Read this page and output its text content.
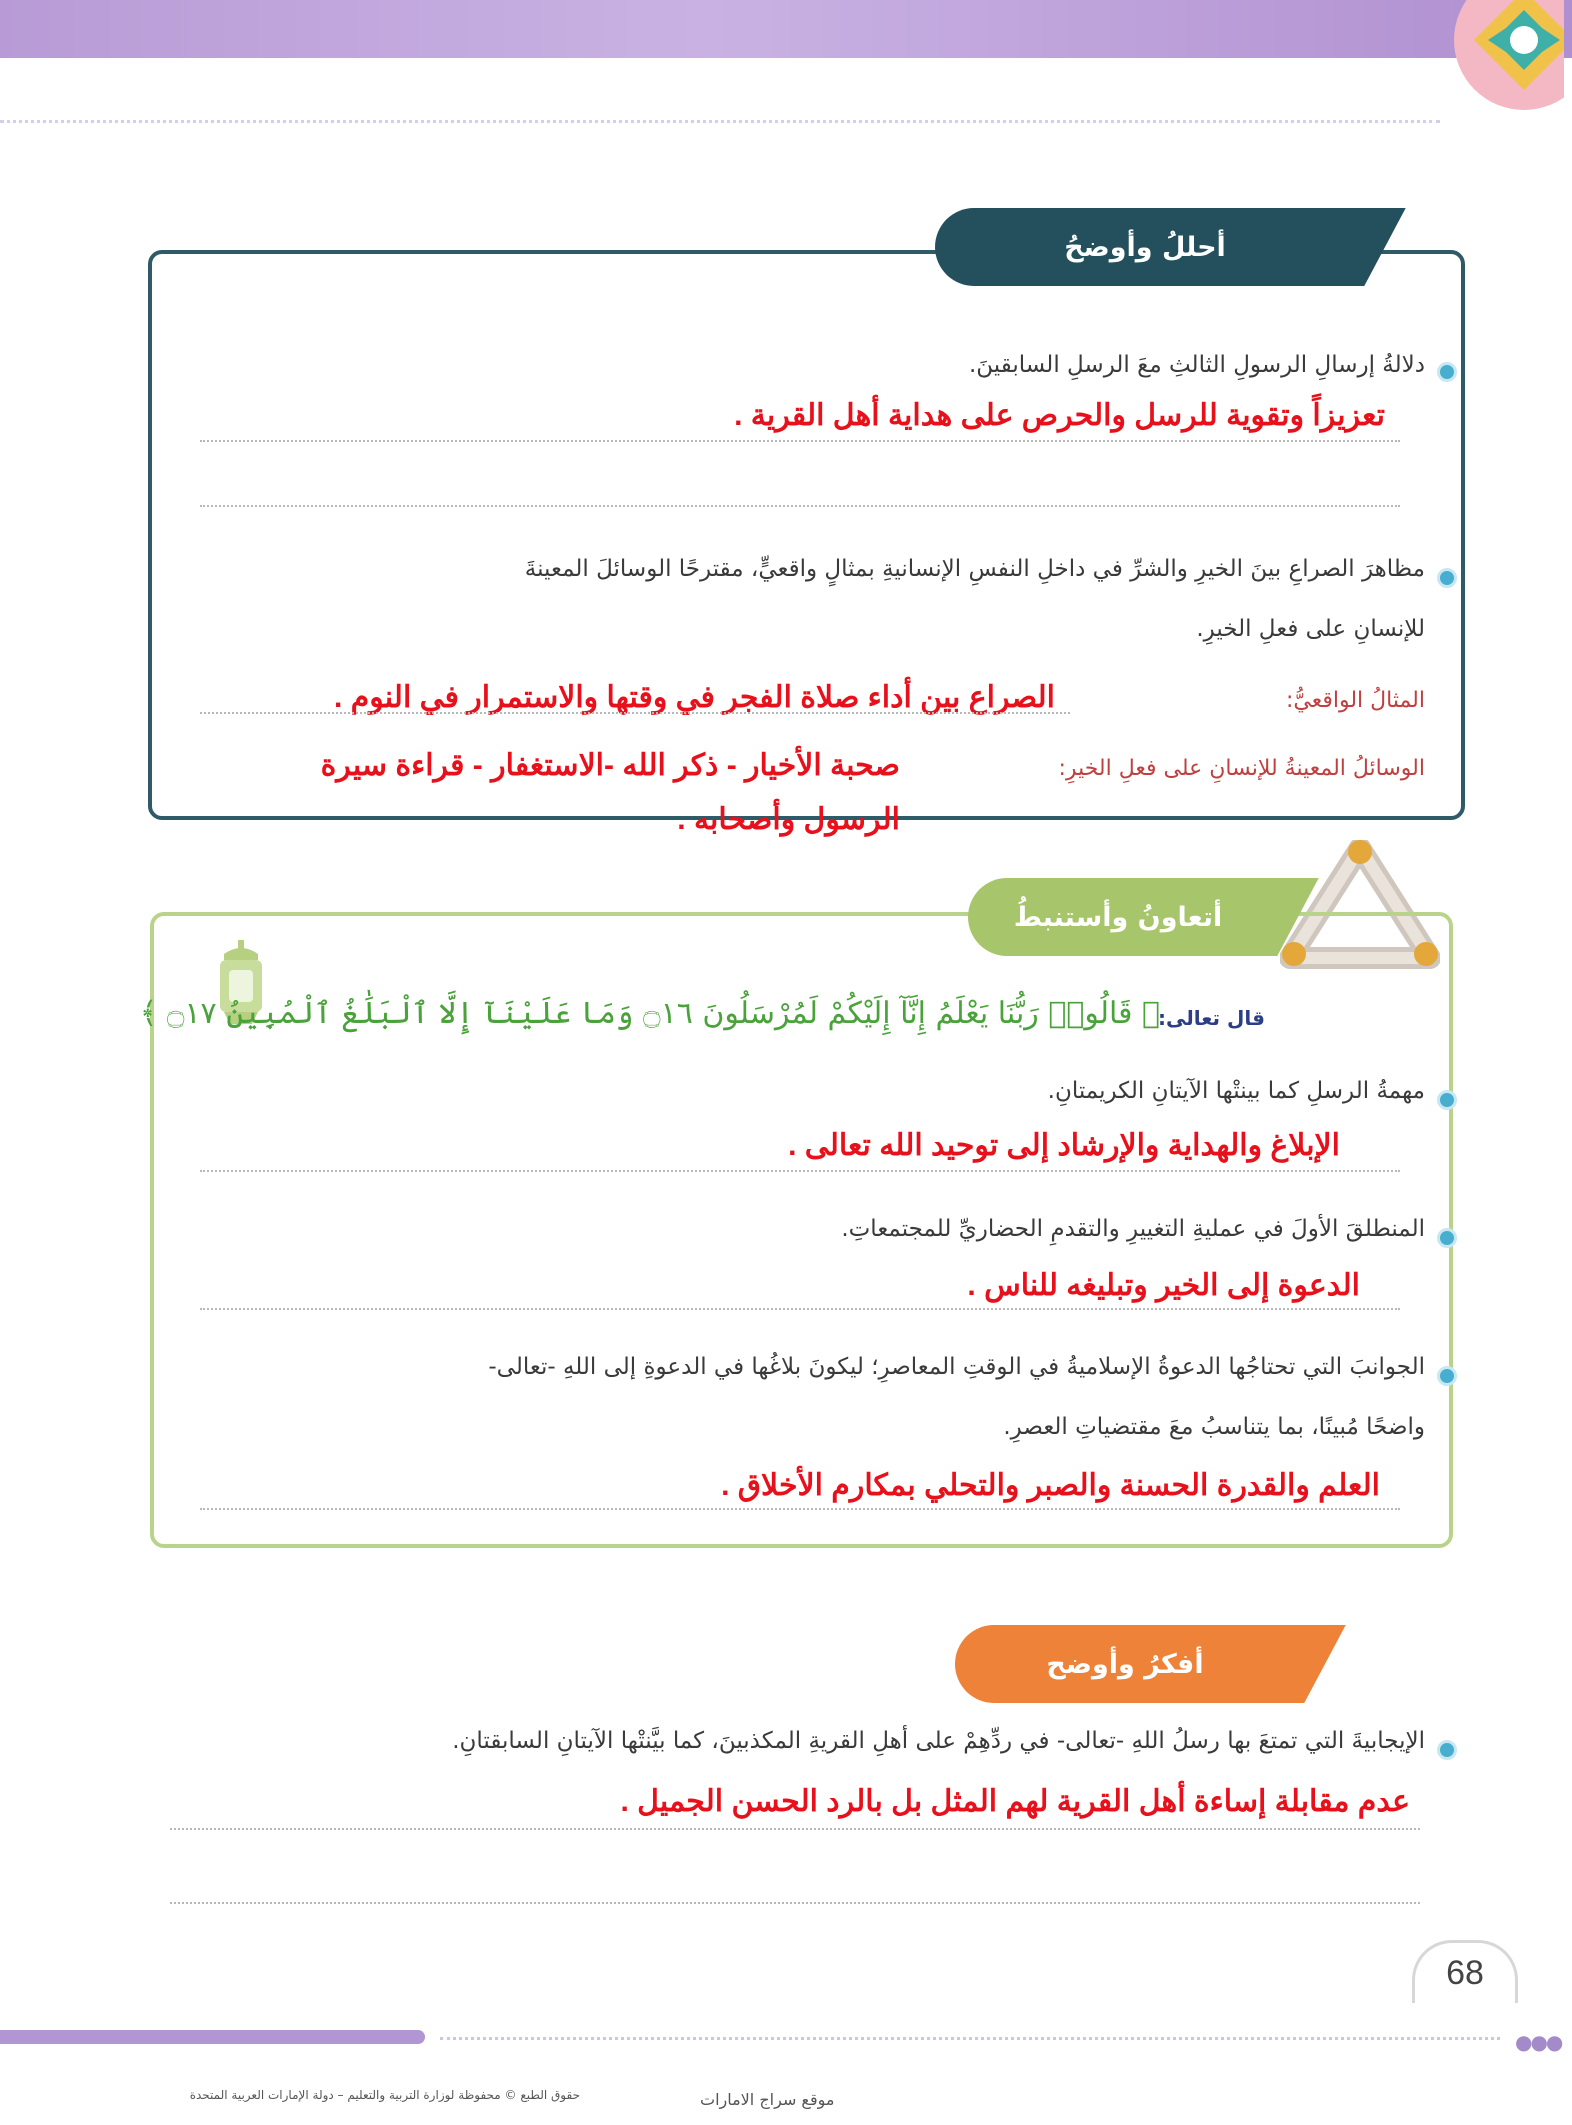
أحللُ وأوضحُ
دلالةُ إرسالِ الرسولِ الثالثِ معَ الرسلِ السابقينَ.
تعزيزاً وتقوية للرسل والحرص على هداية أهل القرية .
مظاهرَ الصراعِ بينَ الخيرِ والشرِّ في داخلِ النفسِ الإنسانيةِ بمثالٍ واقعيٍّ، مقترحًا الوسائلَ المعينةَ
للإنسانِ على فعلِ الخيرِ.
المثالُ الواقعيُّ:
الصراع بين أداء صلاة الفجر في وقتها والاستمرار في النوم .
الوسائلُ المعينةُ للإنسانِ على فعلِ الخيرِ:
صحبة الأخيار - ذكر الله -الاستغفار - قراءة سيرة
الرسول وأصحابه .
أتعاونُ وأستنبطُ
قال تعالى:
﴿ قَالُوا۟ رَبُّنَا يَعْلَمُ إِنَّآ إِلَيْكُمْ لَمُرْسَلُونَ ۝١٦ وَمَا عَلَيْنَآ إِلَّا ٱلْبَلَٰغُ ٱلْمُبِينُ ۝١٧ ﴾
مهمةُ الرسلِ كما بينتْها الآيتانِ الكريمتانِ.
الإبلاغ والهداية والإرشاد إلى توحيد الله تعالى .
المنطلقَ الأولَ في عمليةِ التغييرِ والتقدمِ الحضاريِّ للمجتمعاتِ.
الدعوة إلى الخير وتبليغه للناس .
الجوانبَ التي تحتاجُها الدعوةُ الإسلاميةُ في الوقتِ المعاصرِ؛ ليكونَ بلاغُها في الدعوةِ إلى اللهِ -تعالى-
واضحًا مُبينًا، بما يتناسبُ معَ مقتضياتِ العصرِ.
العلم والقدرة الحسنة والصبر والتحلي بمكارم الأخلاق .
أفكرُ وأوضح
الإيجابيةَ التي تمتعَ بها رسلُ اللهِ -تعالى- في ردِّهِمْ على أهلِ القريةِ المكذبينَ، كما بيَّنتْها الآيتانِ السابقتانِ.
عدم مقابلة إساءة أهل القرية لهم المثل بل بالرد الحسن الجميل .
68
●●●
حقوق الطبع © محفوظة لوزارة التربية والتعليم – دولة الإمارات العربية المتحدة	موقع سراج الامارات
